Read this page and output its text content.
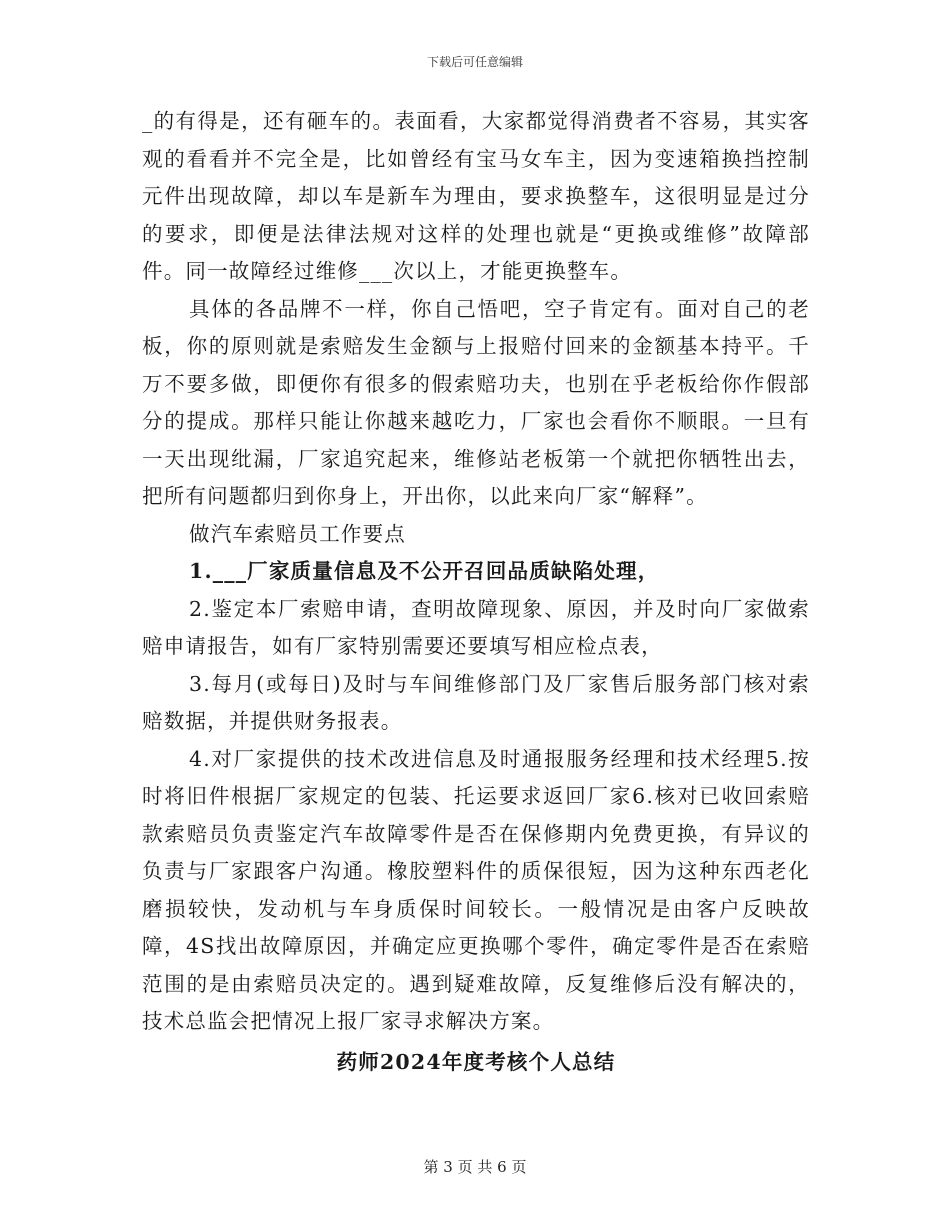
下载后可任意编辑

_的有得是，还有砸车的。表面看，大家都觉得消费者不容易，其实客观的看看并不完全是，比如曾经有宝马女车主，因为变速箱换挡控制元件出现故障，却以车是新车为理由，要求换整车，这很明显是过分的要求，即便是法律法规对这样的处理也就是“更换或维修”故障部件。同一故障经过维修___次以上，才能更换整车。

具体的各品牌不一样，你自己悟吧，空子肯定有。面对自己的老板，你的原则就是索赔发生金额与上报赔付回来的金额基本持平。千万不要多做，即便你有很多的假索赔功夫，也别在乎老板给你作假部分的提成。那样只能让你越来越吃力，厂家也会看你不顺眼。一旦有一天出现纰漏，厂家追究起来，维修站老板第一个就把你牺牲出去，把所有问题都归到你身上，开出你，以此来向厂家“解释”。

做汽车索赔员工作要点

1.___厂家质量信息及不公开召回品质缺陷处理，

2.鉴定本厂索赔申请，查明故障现象、原因，并及时向厂家做索赔申请报告，如有厂家特别需要还要填写相应检点表，

3.每月(或每日)及时与车间维修部门及厂家售后服务部门核对索赔数据，并提供财务报表。

4.对厂家提供的技术改进信息及时通报服务经理和技术经理5.按时将旧件根据厂家规定的包装、托运要求返回厂家6.核对已收回索赔款索赔员负责鉴定汽车故障零件是否在保修期内免费更换，有异议的负责与厂家跟客户沟通。橡胶塑料件的质保很短，因为这种东西老化磨损较快，发动机与车身质保时间较长。一般情况是由客户反映故障，4S找出故障原因，并确定应更换哪个零件，确定零件是否在索赔范围的是由索赔员决定的。遇到疑难故障，反复维修后没有解决的，技术总监会把情况上报厂家寻求解决方案。

药师2024年度考核个人总结

第 3 页 共 6 页
